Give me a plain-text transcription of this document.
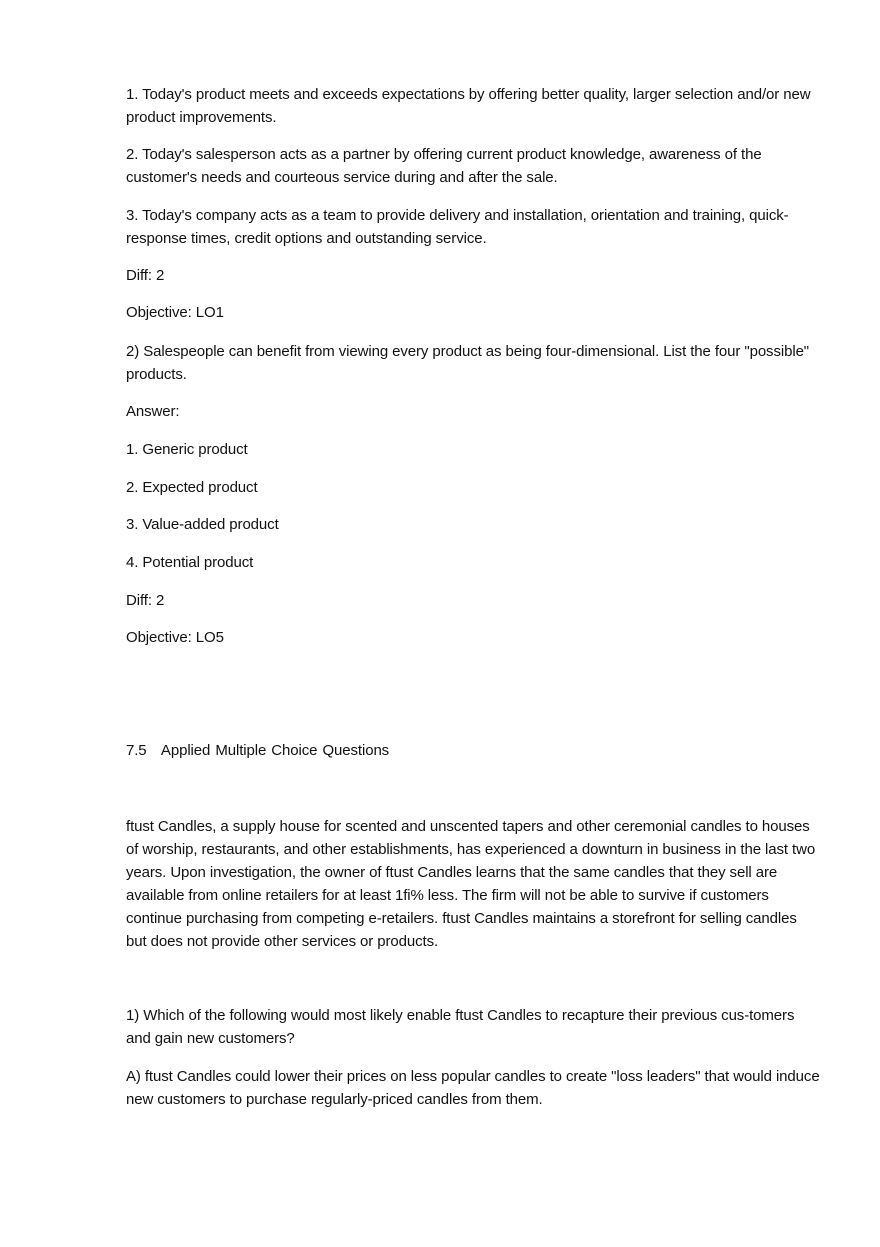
1. Today's product meets and exceeds expectations by offering better quality, larger selection and/or new product improvements.

2. Today's salesperson acts as a partner by offering current product knowledge, awareness of the customer's needs and courteous service during and after the sale.

3. Today's company acts as a team to provide delivery and installation, orientation and training, quick-response times, credit options and outstanding service.

Diff: 2

Objective: LO1

2) Salespeople can benefit from viewing every product as being four-dimensional. List the four "possible" products.

Answer:

1. Generic product

2. Expected product

3. Value-added product

4. Potential product

Diff: 2

Objective: LO5

7.5   Applied Multiple Choice Questions

ftust Candles, a supply house for scented and unscented tapers and other ceremonial candles to houses of worship, restaurants, and other establishments, has experienced a downturn in business in the last two years. Upon investigation, the owner of ftust Candles learns that the same candles that they sell are available from online retailers for at least 1fi% less. The firm will not be able to survive if customers continue purchasing from competing e-retailers. ftust Candles maintains a storefront for selling candles but does not provide other services or products.

1) Which of the following would most likely enable ftust Candles to recapture their previous cus-tomers and gain new customers?

A) ftust Candles could lower their prices on less popular candles to create "loss leaders" that would induce new customers to purchase regularly-priced candles from them.
